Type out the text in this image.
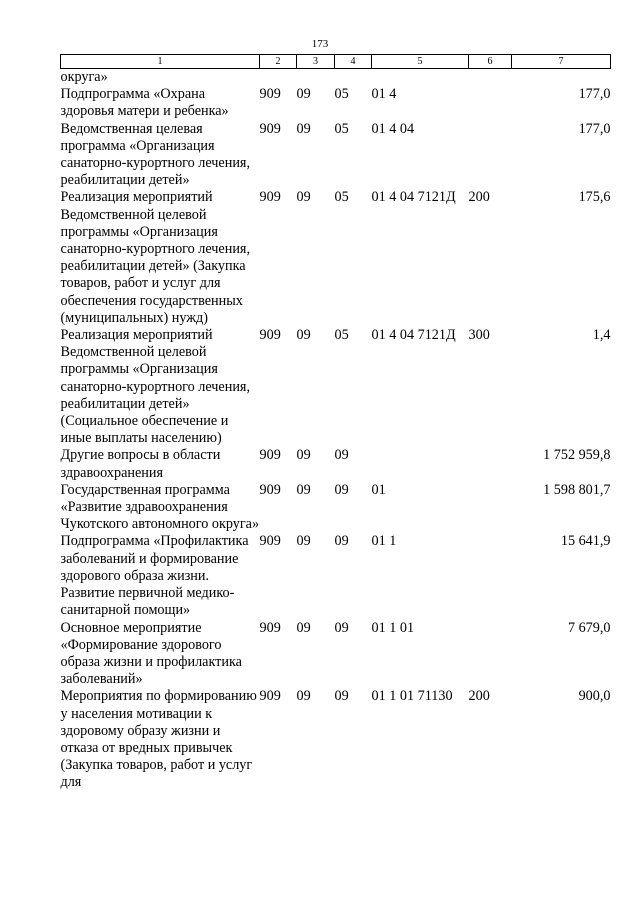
173
1	2	3	4	5	6	7
округа»						
Подпрограмма «Охрана здоровья матери и ребенка»	909	09	05	01 4		177,0
Ведомственная целевая программа «Организация санаторно-курортного лечения, реабилитации детей»	909	09	05	01 4 04		177,0
Реализация мероприятий Ведомственной целевой программы «Организация санаторно-курортного лечения, реабилитации детей» (Закупка товаров, работ и услуг для обеспечения государственных (муниципальных) нужд)	909	09	05	01 4 04 7121Д	200	175,6
Реализация мероприятий Ведомственной целевой программы «Организация санаторно-курортного лечения, реабилитации детей» (Социальное обеспечение и иные выплаты населению)	909	09	05	01 4 04 7121Д	300	1,4
Другие вопросы в области здравоохранения	909	09	09			1 752 959,8
Государственная программа «Развитие здравоохранения Чукотского автономного округа»	909	09	09	01		1 598 801,7
Подпрограмма «Профилактика заболеваний и формирование здорового образа жизни. Развитие первичной медико-санитарной помощи»	909	09	09	01 1		15 641,9
Основное мероприятие «Формирование здорового образа жизни и профилактика заболеваний»	909	09	09	01 1 01		7 679,0
Мероприятия по формированию у населения мотивации к здоровому образу жизни и отказа от вредных привычек (Закупка товаров, работ и услуг для	909	09	09	01 1 01 71130	200	900,0
